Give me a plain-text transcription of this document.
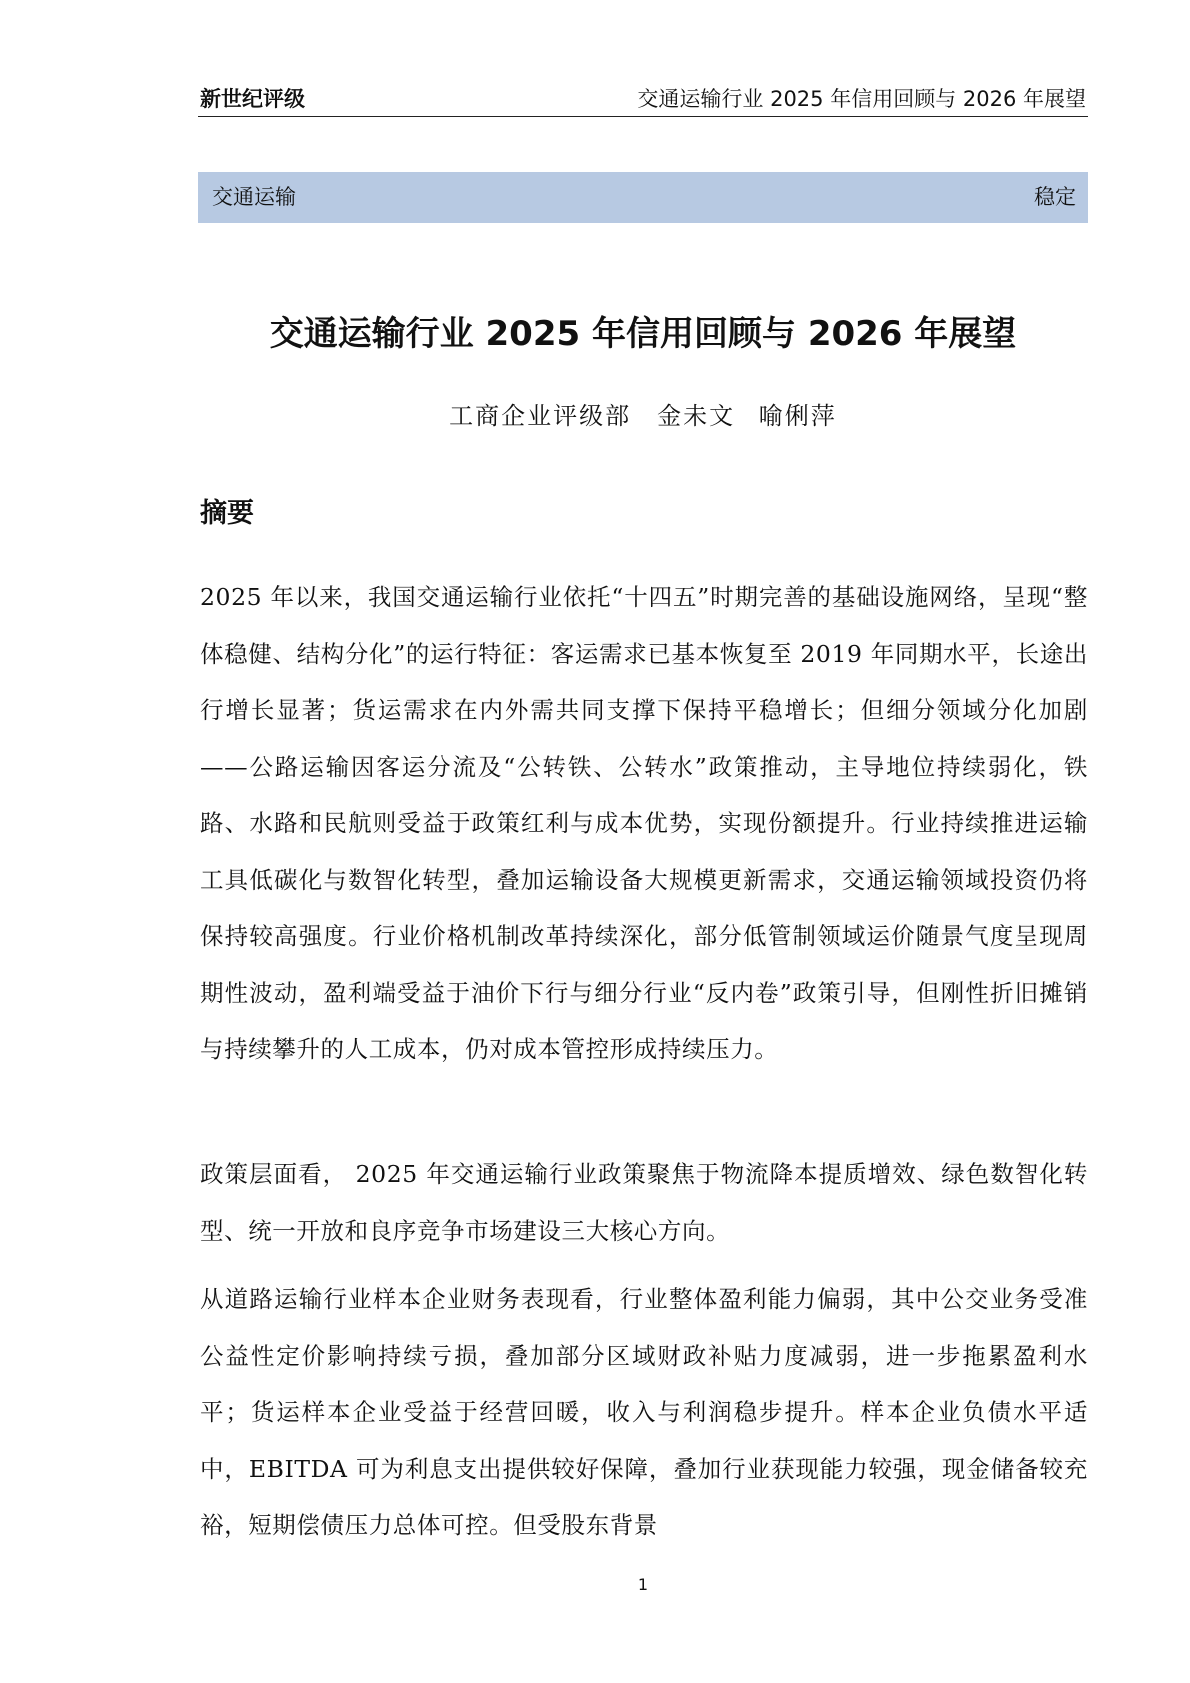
新世纪评级	交通运输行业 2025 年信用回顾与 2026 年展望
交通运输	稳定
交通运输行业 2025 年信用回顾与 2026 年展望
工商企业评级部　金未文 喻俐萍
摘要

2025 年以来，我国交通运输行业依托“十四五”时期完善的基础设施网络，呈现“整体稳健、结构分化”的运行特征：客运需求已基本恢复至 2019 年同期水平，长途出行增长显著；货运需求在内外需共同支撑下保持平稳增长；但细分领域分化加剧——公路运输因客运分流及“公转铁、公转水”政策推动，主导地位持续弱化，铁路、水路和民航则受益于政策红利与成本优势，实现份额提升。行业持续推进运输工具低碳化与数智化转型，叠加运输设备大规模更新需求，交通运输领域投资仍将保持较高强度。行业价格机制改革持续深化，部分低管制领域运价随景气度呈现周期性波动，盈利端受益于油价下行与细分行业“反内卷”政策引导，但刚性折旧摊销与持续攀升的人工成本，仍对成本管控形成持续压力。

政策层面看， 2025 年交通运输行业政策聚焦于物流降本提质增效、绿色数智化转型、统一开放和良序竞争市场建设三大核心方向。

从道路运输行业样本企业财务表现看，行业整体盈利能力偏弱，其中公交业务受准公益性定价影响持续亏损，叠加部分区域财政补贴力度减弱，进一步拖累盈利水平；货运样本企业受益于经营回暖，收入与利润稳步提升。样本企业负债水平适中，EBITDA 可为利息支出提供较好保障，叠加行业获现能力较强，现金储备较充裕，短期偿债压力总体可控。但受股东背景

1
